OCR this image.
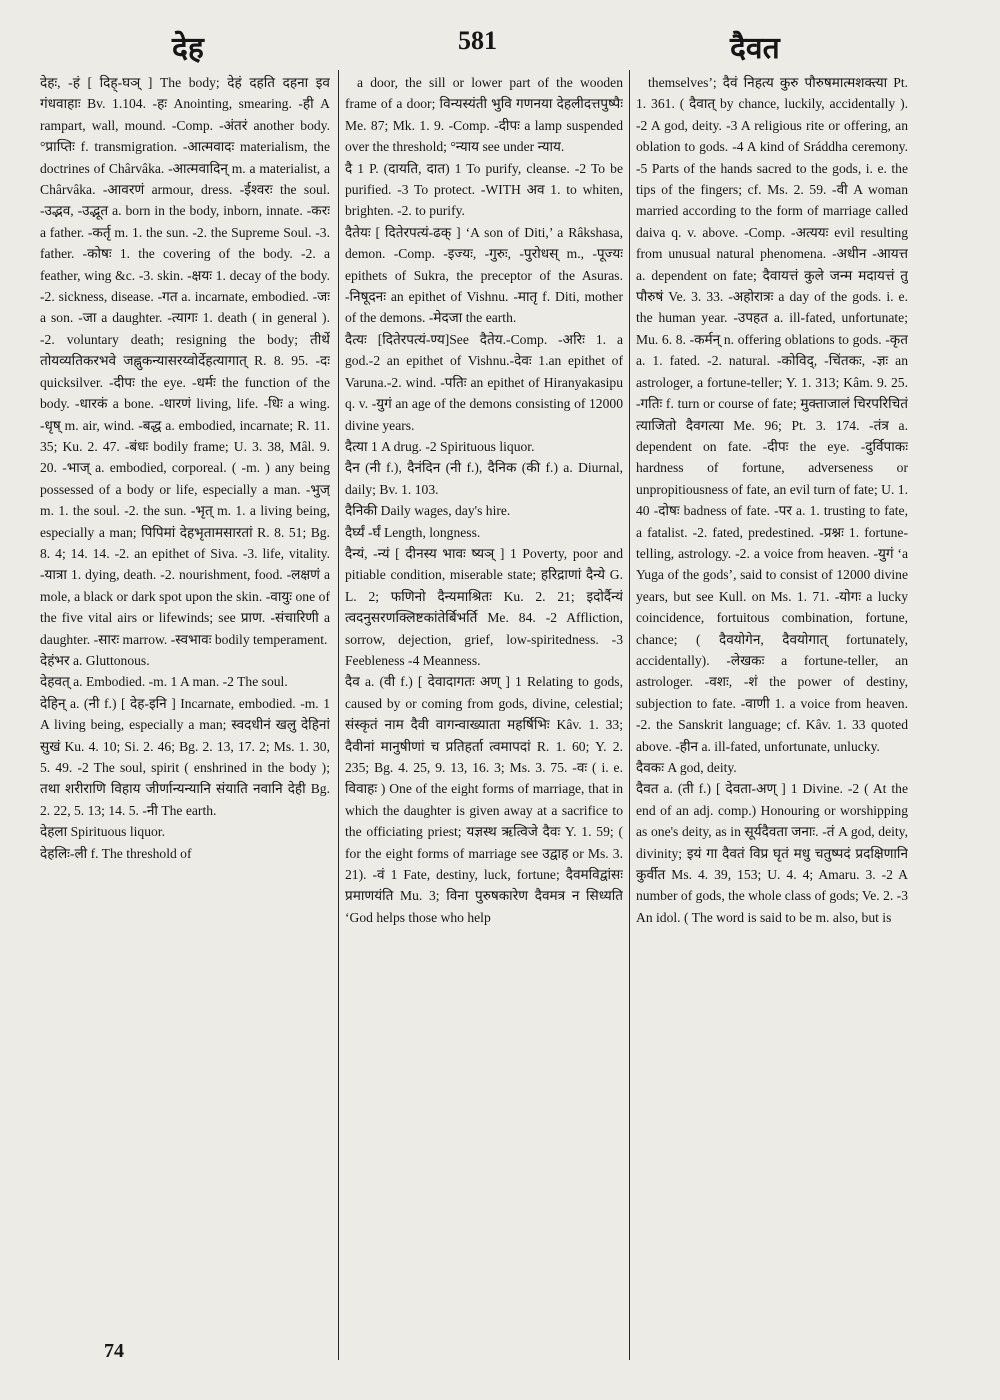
देह	581	दैवत

देहः, -हं [ दिह्-घञ् ] The body; देहं दहति दहना इव गंधवाहाः Bv. 1.104. -हः Anointing, smearing. -ही A rampart, wall, mound. -Comp. -अंतरं another body. °प्राप्तिः f. transmigration. -आत्मवादः materialism, the doctrines of Chârvâka. -आत्मवादिन् m. a materialist, a Chârvâka. -आवरणं armour, dress. -ईश्वरः the soul. -उद्भव, -उद्भूत a. born in the body, inborn, innate. -करः a father. -कर्तृ m. 1. the sun. -2. the Supreme Soul. -3. father. -कोषः 1. the covering of the body. -2. a feather, wing &c. -3. skin. -क्षयः 1. decay of the body. -2. sickness, disease. -गत a. incarnate, embodied. -जः a son. -जा a daughter. -त्यागः 1. death ( in general ). -2. voluntary death; resigning the body; तीर्थे तोयव्यतिकरभवे जह्नुकन्यासरय्वोर्देहत्यागात् R. 8. 95. -दः quicksilver. -दीपः the eye. -धर्मः the function of the body. -धारकं a bone. -धारणं living, life. -धिः a wing. -धृष् m. air, wind. -बद्ध a. embodied, incarnate; R. 11. 35; Ku. 2. 47. -बंधः bodily frame; U. 3. 38, Mâl. 9. 20. -भाज् a. embodied, corporeal. ( -m. ) any being possessed of a body or life, especially a man. -भुज् m. 1. the soul. -2. the sun. -भृत् m. 1. a living being, especially a man; पिपिमां देहभृतामसारतां R. 8. 51; Bg. 8. 4; 14. 14. -2. an epithet of Siva. -3. life, vitality. -यात्रा 1. dying, death. -2. nourishment, food. -लक्षणं a mole, a black or dark spot upon the skin. -वायुः one of the five vital airs or lifewinds; see प्राण. -संचारिणी a daughter. -सारः marrow. -स्वभावः bodily temperament.

देहंभर a. Gluttonous.

देहवत् a. Embodied. -m. 1 A man. -2 The soul.

देहिन् a. (नी f.) [ देह-इनि ] Incarnate, embodied. -m. 1 A living being, especially a man; स्वदधीनं खलु देहिनां सुखं Ku. 4. 10; Si. 2. 46; Bg. 2. 13, 17. 2; Ms. 1. 30, 5. 49. -2 The soul, spirit ( enshrined in the body ); तथा शरीराणि विहाय जीर्णान्यन्यानि संयाति नवानि देही Bg. 2. 22, 5. 13; 14. 5. -नी The earth.

देहला Spirituous liquor.

देहलिः-ली f. The threshold of

a door, the sill or lower part of the wooden frame of a door; विन्यस्यंती भुवि गणनया देहलीदत्तपुष्पैः Me. 87; Mk. 1. 9. -Comp. -दीपः a lamp suspended over the threshold; °न्याय see under न्याय.

दै 1 P. (दायति, दात) 1 To purify, cleanse. -2 To be purified. -3 To protect. -WITH अव 1. to whiten, brighten. -2. to purify.

दैतेयः [ दितेरपत्यं-ढक् ] ‘A son of Diti,’ a Râkshasa, demon. -Comp. -इज्यः, -गुरुः, -पुरोधस् m., -पूज्यः epithets of Sukra, the preceptor of the Asuras. -निषूदनः an epithet of Vishnu. -मातृ f. Diti, mother of the demons. -मेदजा the earth.

दैत्यः [दितेरपत्यं-ण्य]See दैतेय.-Comp. -अरिः 1. a god.-2 an epithet of Vishnu.-देवः 1.an epithet of Varuna.-2. wind. -पतिः an epithet of Hiranyakasipu q. v. -युगं an age of the demons consisting of 12000 divine years.

दैत्या 1 A drug. -2 Spirituous liquor.

दैन (नी f.), दैनंदिन (नी f.), दैनिक (की f.) a. Diurnal, daily; Bv. 1. 103.

दैनिकी Daily wages, day's hire.

दैर्घ्यं -र्घं Length, longness.

दैन्यं, -न्यं [ दीनस्य भावः ष्यञ् ] 1 Poverty, poor and pitiable condition, miserable state; हरिद्राणां दैन्ये G. L. 2; फणिनो दैन्यमाश्रितः Ku. 2. 21; इदोर्दैन्यं त्वदनुसरणक्लिष्टकांतेर्बिभर्ति Me. 84. -2 Affliction, sorrow, dejection, grief, low-spiritedness. -3 Feebleness -4 Meanness.

दैव a. (वी f.) [ देवादागतः अण् ] 1 Relating to gods, caused by or coming from gods, divine, celestial; संस्कृतं नाम दैवी वागन्वाख्याता महर्षिभिः Kâv. 1. 33; दैवीनां मानुषीणां च प्रतिहर्ता त्वमापदां R. 1. 60; Y. 2. 235; Bg. 4. 25, 9. 13, 16. 3; Ms. 3. 75. -वः ( i. e. विवाहः ) One of the eight forms of marriage, that in which the daughter is given away at a sacrifice to the officiating priest; यज्ञस्थ ऋत्विजे दैवः Y. 1. 59; ( for the eight forms of marriage see उद्वाह or Ms. 3. 21). -वं 1 Fate, destiny, luck, fortune; दैवमविद्वांसः प्रमाणयंति Mu. 3; विना पुरुषकारेण दैवमत्र न सिध्यति ‘God helps those who help

themselves’; दैवं निहत्य कुरु पौरुषमात्मशक्त्या Pt. 1. 361. ( दैवात् by chance, luckily, accidentally ). -2 A god, deity. -3 A religious rite or offering, an oblation to gods. -4 A kind of Sráddha ceremony. -5 Parts of the hands sacred to the gods, i. e. the tips of the fingers; cf. Ms. 2. 59. -वी A woman married according to the form of marriage called daiva q. v. above. -Comp. -अत्ययः evil resulting from unusual natural phenomena. -अधीन -आयत्त a. dependent on fate; दैवायत्तं कुले जन्म मदायत्तं तु पौरुषं Ve. 3. 33. -अहोरात्रः a day of the gods. i. e. the human year. -उपहत a. ill-fated, unfortunate; Mu. 6. 8. -कर्मन् n. offering oblations to gods. -कृत a. 1. fated. -2. natural. -कोविद्, -चिंतकः, -ज्ञः an astrologer, a fortune-teller; Y. 1. 313; Kâm. 9. 25. -गतिः f. turn or course of fate; मुक्ताजालं चिरपरिचितं त्याजितो दैवगत्या Me. 96; Pt. 3. 174. -तंत्र a. dependent on fate. -दीपः the eye. -दुर्विपाकः hardness of fortune, adverseness or unpropitiousness of fate, an evil turn of fate; U. 1. 40 -दोषः badness of fate. -पर a. 1. trusting to fate, a fatalist. -2. fated, predestined. -प्रश्नः 1. fortune-telling, astrology. -2. a voice from heaven. -युगं ‘a Yuga of the gods’, said to consist of 12000 divine years, but see Kull. on Ms. 1. 71. -योगः a lucky coincidence, fortuitous combination, fortune, chance; ( दैवयोगेन, दैवयोगात् fortunately, accidentally). -लेखकः a fortune-teller, an astrologer. -वशः, -शं the power of destiny, subjection to fate. -वाणी 1. a voice from heaven. -2. the Sanskrit language; cf. Kâv. 1. 33 quoted above. -हीन a. ill-fated, unfortunate, unlucky.

दैवकः A god, deity.

दैवत a. (ती f.) [ देवता-अण् ] 1 Divine. -2 ( At the end of an adj. comp.) Honouring or worshipping as one's deity, as in सूर्यदैवता जनाः. -तं A god, deity, divinity; इयं गा दैवतं विप्र घृतं मधु चतुष्पदं प्रदक्षिणानि कुर्वीत Ms. 4. 39, 153; U. 4. 4; Amaru. 3. -2 A number of gods, the whole class of gods; Ve. 2. -3 An idol. ( The word is said to be m. also, but is

74
